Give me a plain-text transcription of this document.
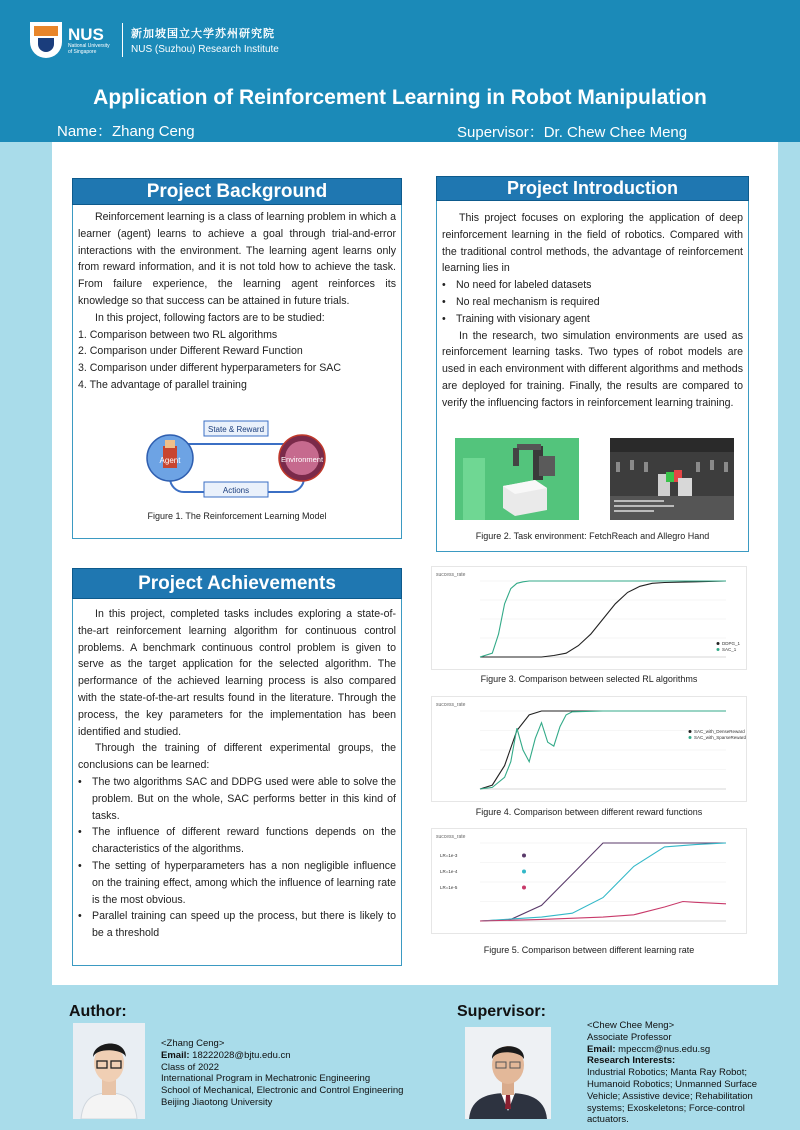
NUS
National University of Singapore
新加坡国立大学苏州研究院
NUS (Suzhou) Research Institute
Application of Reinforcement Learning in Robot Manipulation
Name：Zhang Ceng	Supervisor：Dr. Chew Chee Meng
Project Background

Reinforcement learning is a class of learning problem in which a learner (agent) learns to achieve a goal through trial-and-error interactions with the environment. The learning agent learns only from reward information, and it is not told how to achieve the task. From failure experience, the learning agent reinforces its knowledge so that success can be attained in future trials.

In this project, following factors are to be studied:

1. Comparison between two RL algorithms

2. Comparison under Different Reward Function

3. Comparison under different hyperparameters for SAC

4. The advantage of parallel training

State & Reward
Actions
Agent	Environment
Figure 1. The Reinforcement Learning Model
Project Introduction

This project focuses on exploring the application of deep reinforcement learning in the field of robotics. Compared with the traditional control methods, the advantage of reinforcement learning lies in

• No need for labeled datasets
• No real mechanism is required
• Training with visionary agent

In the research, two simulation environments are used as reinforcement learning tasks. Two types of robot models are used in each environment with different algorithms and methods are deployed for training. Finally, the results are compared to verify the influencing factors in reinforcement learning training.

Figure 2. Task environment: FetchReach and Allegro Hand
Project Achievements

In this project, completed tasks includes exploring a state-of-the-art reinforcement learning algorithm for continuous control problems. A benchmark continuous control problem is given to serve as the target application for the selected algorithm. The performance of the achieved learning process is also compared with the state-of-the-art results found in the literature. Through the process, the key parameters for the implementation has been identified and studied.

Through the training of different experimental groups, the conclusions can be learned:

• The two algorithms SAC and DDPG used were able to solve the problem. But on the whole, SAC performs better in this kind of tasks.
• The influence of different reward functions depends on the characteristics of the algorithms.
• The setting of hyperparameters has a non negligible influence on the training effect, among which the influence of learning rate is the most obvious.
• Parallel training can speed up the process, but there is likely to be a threshold
success_rate
DDPG_1
SAC_1
Figure 3. Comparison between selected RL algorithms
success_rate
SAC_with_DenseReward
SAC_with_SparseReward
Figure 4. Comparison between different reward functions
success_rate
LR=1e-3
LR=1e-4
LR=1e-5
Figure 5. Comparison between different learning rate
Author:
<Zhang Ceng>
Email: 18222028@bjtu.edu.cn
Class of 2022
International Program in Mechatronic Engineering
School of Mechanical, Electronic and Control Engineering
Beijing Jiaotong University
Supervisor:
<Chew Chee Meng>
Associate Professor
Email: mpeccm@nus.edu.sg
Research Interests:
Industrial Robotics; Manta Ray Robot; Humanoid Robotics; Unmanned Surface Vehicle; Assistive device; Rehabilitation systems; Exoskeletons; Force-control actuators.
